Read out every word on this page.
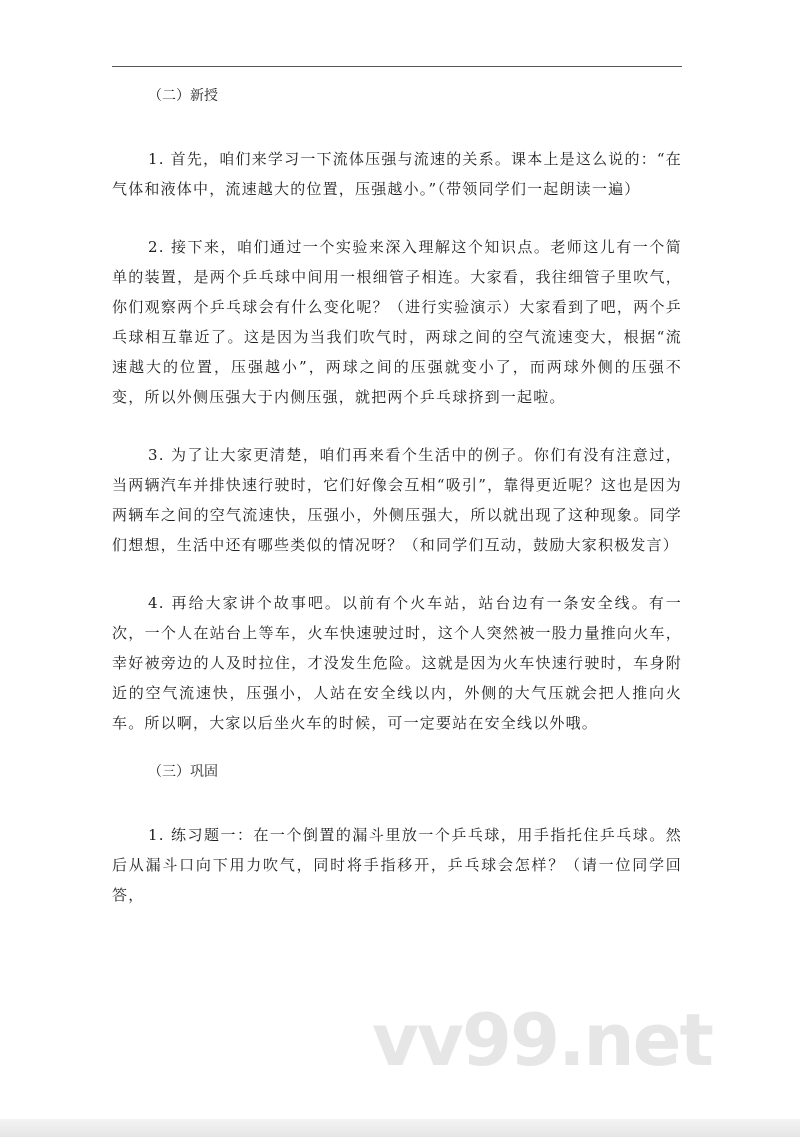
（二）新授

1. 首先，咱们来学习一下流体压强与流速的关系。课本上是这么说的：“在气体和液体中，流速越大的位置，压强越小。”（带领同学们一起朗读一遍）

2. 接下来，咱们通过一个实验来深入理解这个知识点。老师这儿有一个简单的装置，是两个乒乓球中间用一根细管子相连。大家看，我往细管子里吹气，你们观察两个乒乓球会有什么变化呢？（进行实验演示）大家看到了吧，两个乒乓球相互靠近了。这是因为当我们吹气时，两球之间的空气流速变大，根据“流速越大的位置，压强越小”，两球之间的压强就变小了，而两球外侧的压强不变，所以外侧压强大于内侧压强，就把两个乒乓球挤到一起啦。

3. 为了让大家更清楚，咱们再来看个生活中的例子。你们有没有注意过，当两辆汽车并排快速行驶时，它们好像会互相“吸引”，靠得更近呢？这也是因为两辆车之间的空气流速快，压强小，外侧压强大，所以就出现了这种现象。同学们想想，生活中还有哪些类似的情况呀？（和同学们互动，鼓励大家积极发言）

4. 再给大家讲个故事吧。以前有个火车站，站台边有一条安全线。有一次，一个人在站台上等车，火车快速驶过时，这个人突然被一股力量推向火车，幸好被旁边的人及时拉住，才没发生危险。这就是因为火车快速行驶时，车身附近的空气流速快，压强小，人站在安全线以内，外侧的大气压就会把人推向火车。所以啊，大家以后坐火车的时候，可一定要站在安全线以外哦。

（三）巩固

1. 练习题一：在一个倒置的漏斗里放一个乒乓球，用手指托住乒乓球。然后从漏斗口向下用力吹气，同时将手指移开，乒乓球会怎样？（请一位同学回答，

vv99.net
